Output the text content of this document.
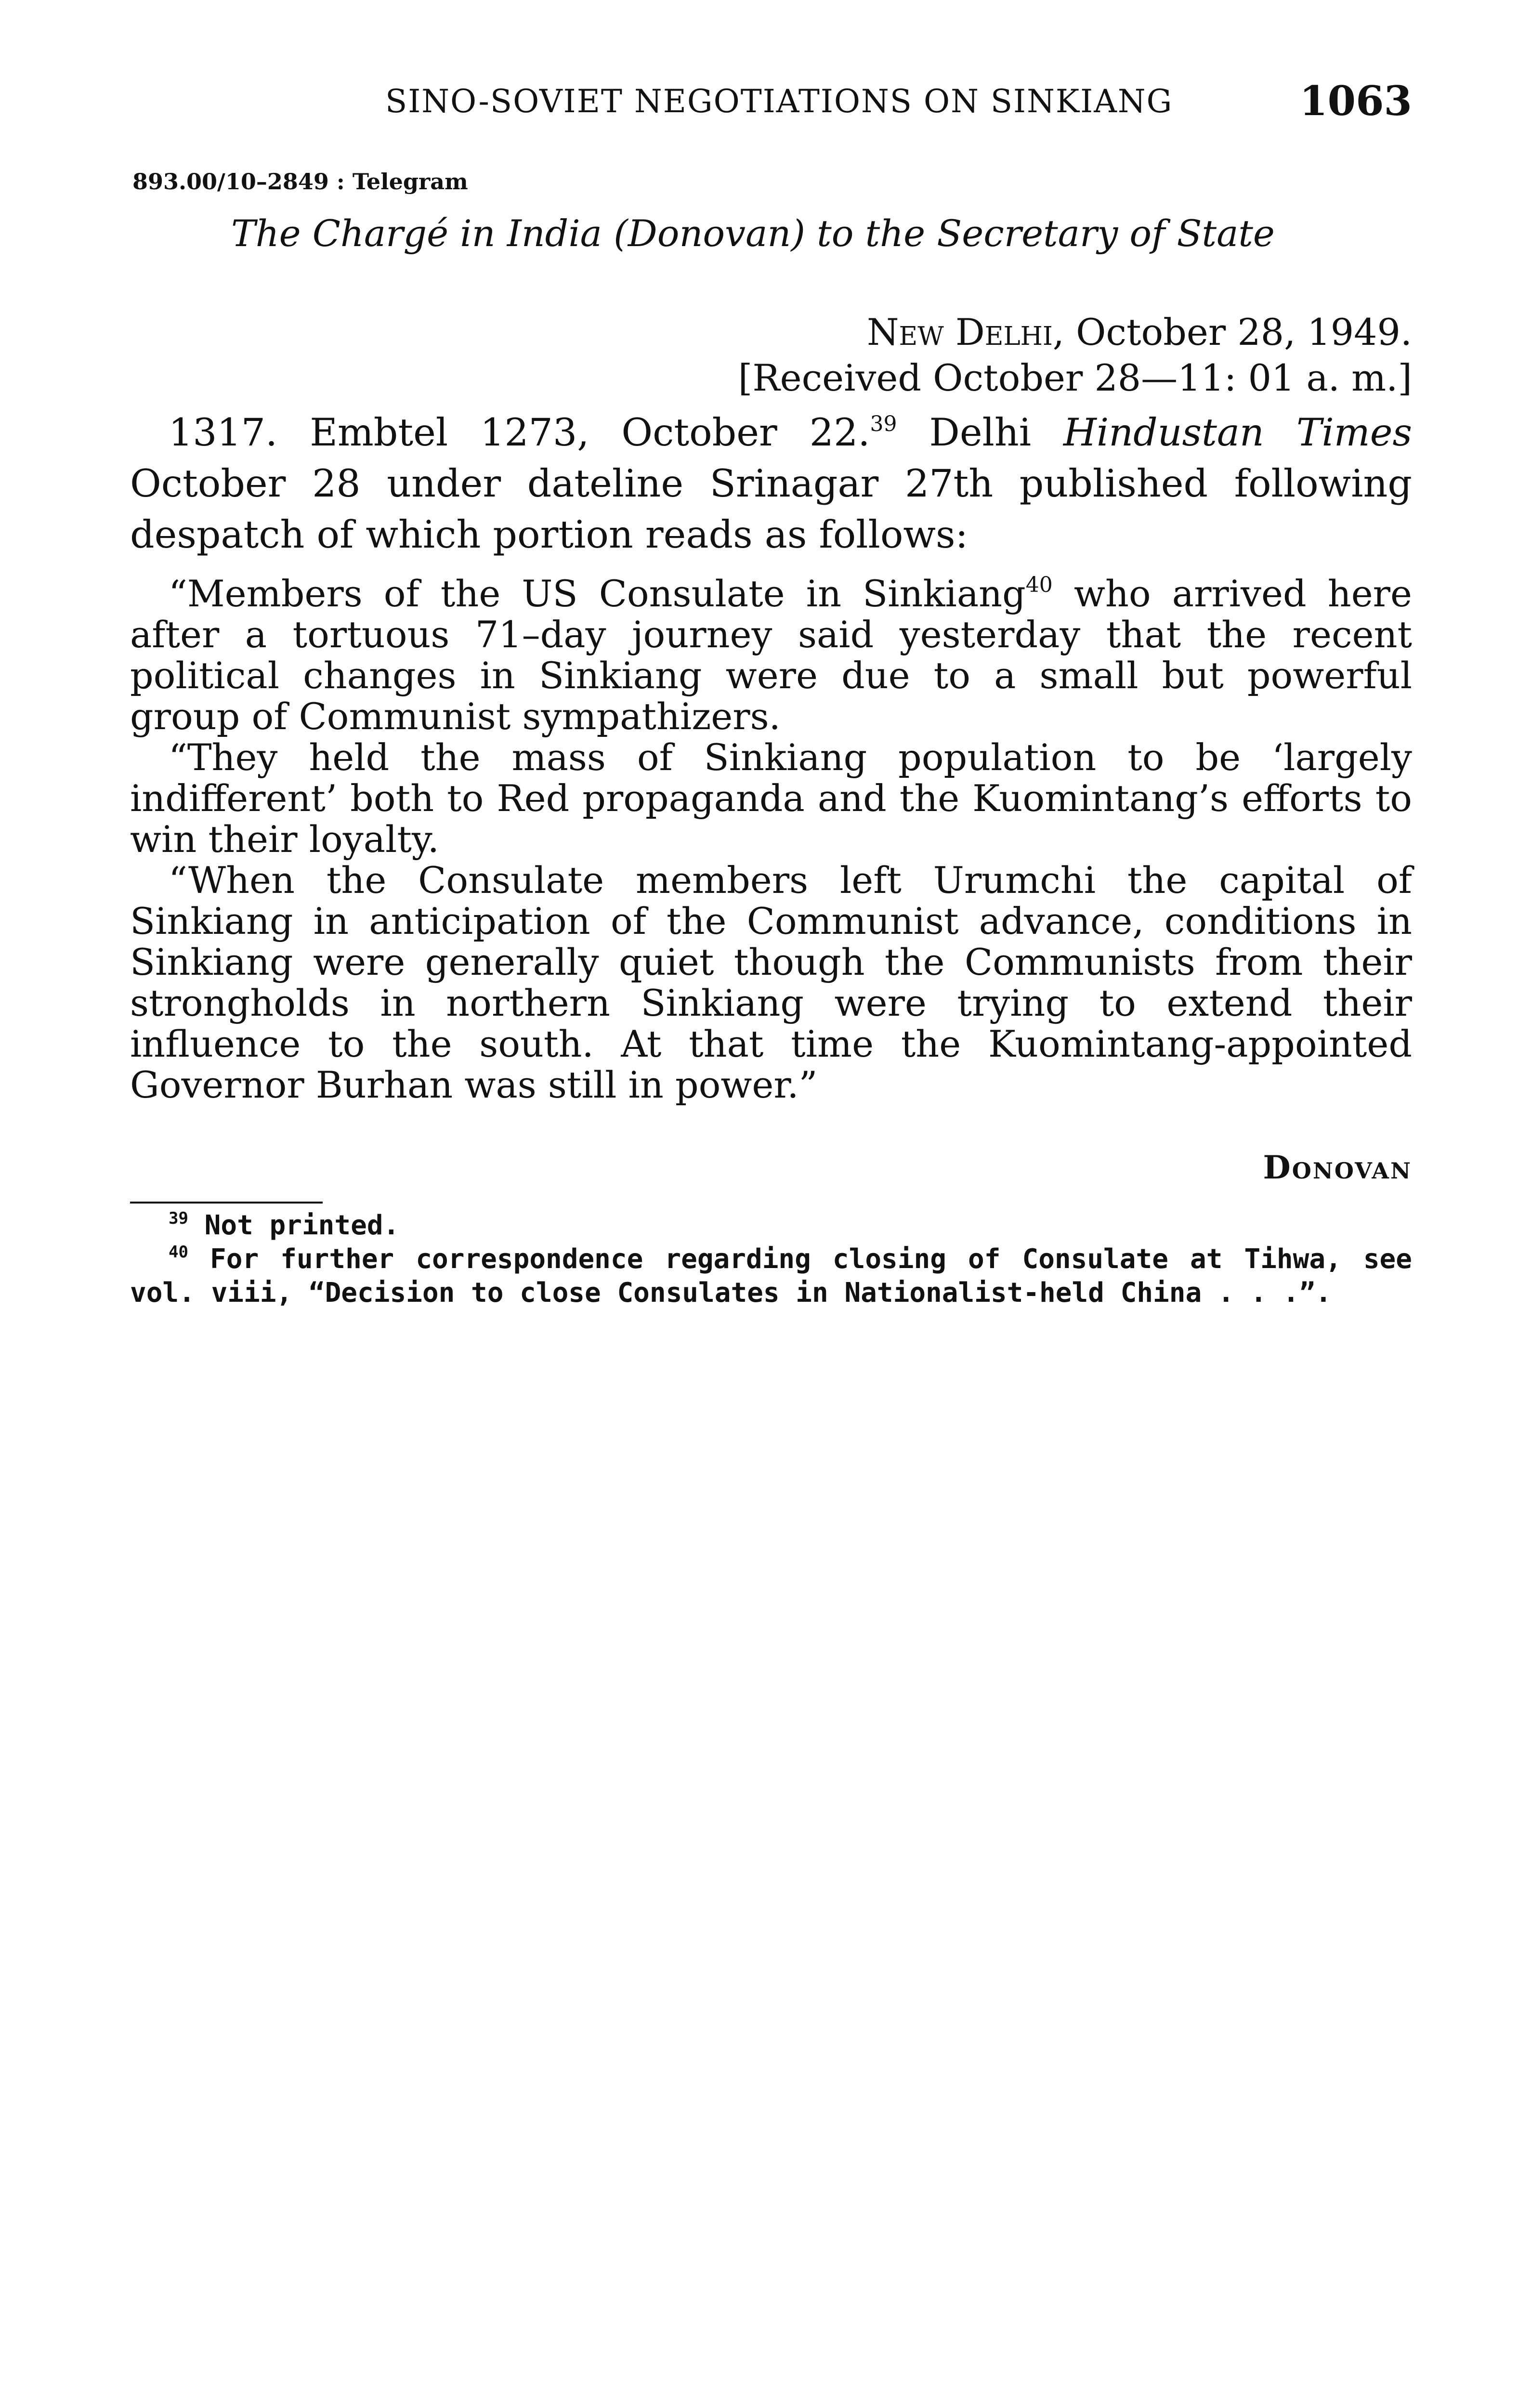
SINO-SOVIET NEGOTIATIONS ON SINKIANG	1063
893.00/10–2849 : Telegram
The Chargé in India (Donovan) to the Secretary of State
New Delhi, October 28, 1949.
[Received October 28—11: 01 a. m.]

1317. Embtel 1273, October 22.39 Delhi Hindustan Times October 28 under dateline Srinagar 27th published following despatch of which portion reads as follows:

“Members of the US Consulate in Sinkiang$^{40}$ who arrived here after a tortuous 71–day journey said yesterday that the recent political changes in Sinkiang were due to a small but powerful group of Communist sympathizers.

“They held the mass of Sinkiang population to be ‘largely indifferent’ both to Red propaganda and the Kuomintang’s efforts to win their loyalty.

“When the Consulate members left Urumchi the capital of Sinkiang in anticipation of the Communist advance, conditions in Sinkiang were generally quiet though the Communists from their strongholds in northern Sinkiang were trying to extend their influence to the south. At that time the Kuomintang-appointed Governor Burhan was still in power.”

Donovan

$^{39}$ Not printed.

$^{40}$ For further correspondence regarding closing of Consulate at Tihwa, see vol. viii, “Decision to close Consulates in Nationalist-held China . . .”.
